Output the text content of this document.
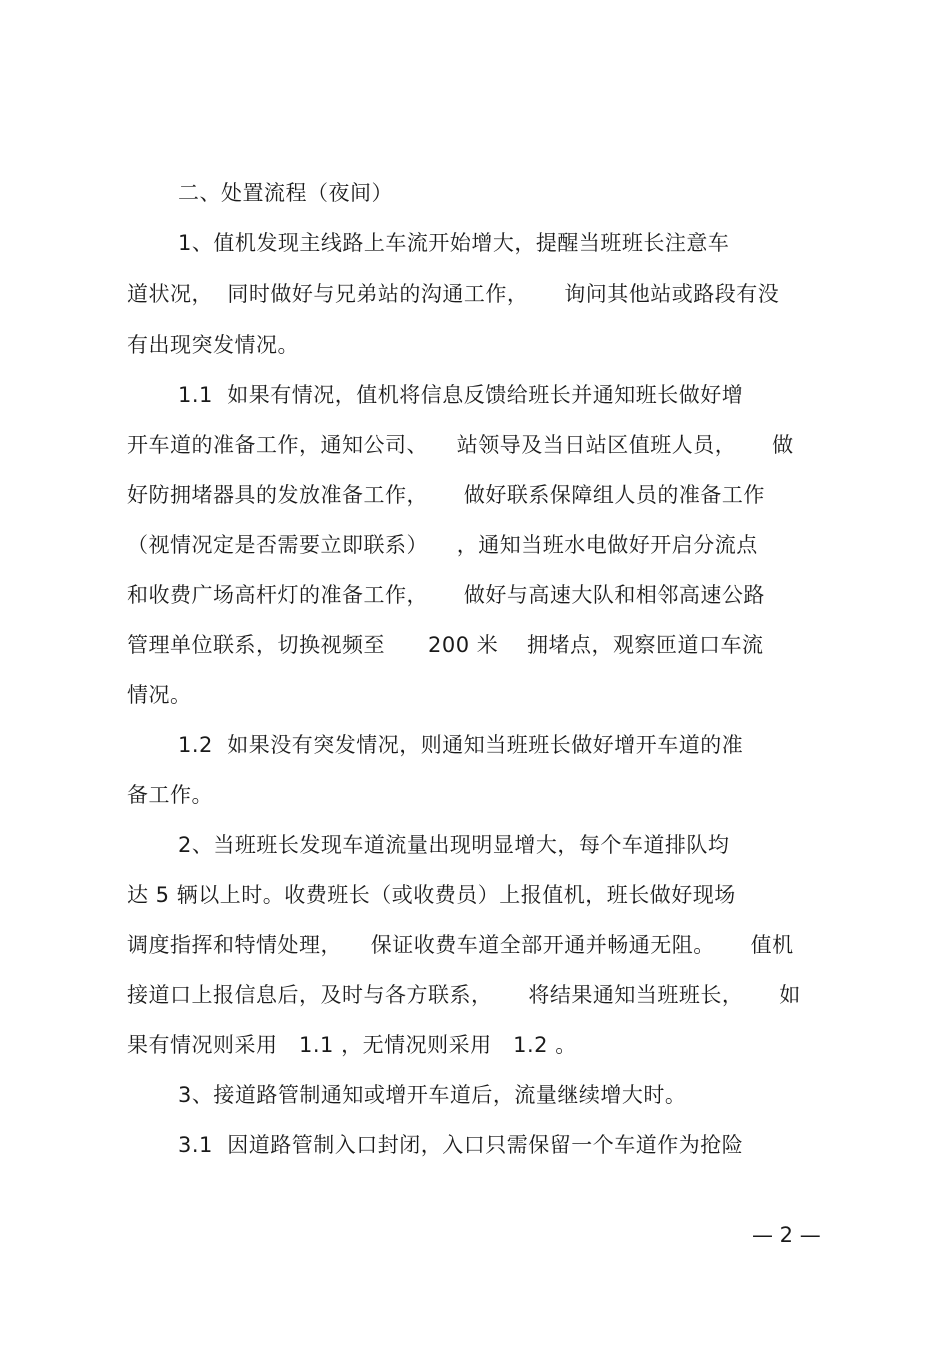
二、处置流程（夜间）
1、值机发现主线路上车流开始增大，提醒当班班长注意车
道状况，  同时做好与兄弟站的沟通工作，     询问其他站或路段有没
有出现突发情况。
1.1  如果有情况，值机将信息反馈给班长并通知班长做好增
开车道的准备工作，通知公司、    站领导及当日站区值班人员，     做
好防拥堵器具的发放准备工作，     做好联系保障组人员的准备工作
（视情况定是否需要立即联系）    ，通知当班水电做好开启分流点
和收费广场高杆灯的准备工作，     做好与高速大队和相邻高速公路
管理单位联系，切换视频至      200 米    拥堵点，观察匝道口车流
情况。
1.2  如果没有突发情况，则通知当班班长做好增开车道的准
备工作。
2、当班班长发现车道流量出现明显增大，每个车道排队均
达 5 辆以上时。收费班长（或收费员）上报值机，班长做好现场
调度指挥和特情处理，    保证收费车道全部开通并畅通无阻。     值机
接道口上报信息后，及时与各方联系，     将结果通知当班班长，     如
果有情况则采用   1.1 ，无情况则采用   1.2 。
3、接道路管制通知或增开车道后，流量继续增大时。
3.1  因道路管制入口封闭，入口只需保留一个车道作为抢险
— 2 —
